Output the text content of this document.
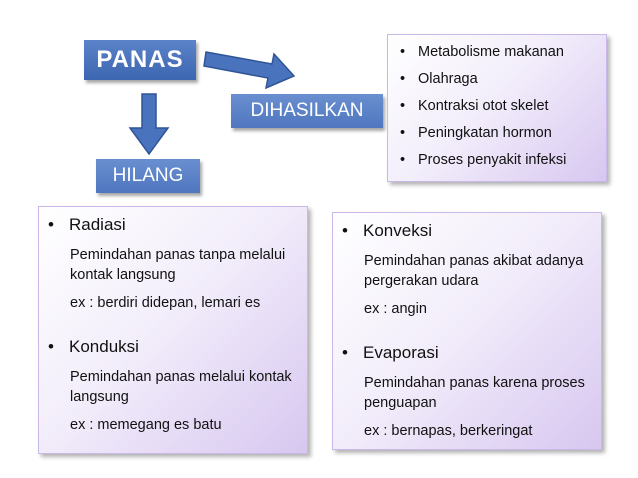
PANAS
DIHASILKAN
HILANG
• Metabolisme makanan
• Olahraga
• Kontraksi otot skelet
• Peningkatan hormon
• Proses penyakit infeksi
• Radiasi
Pemindahan panas tanpa melalui kontak langsung
ex : berdiri didepan, lemari es
• Konduksi
Pemindahan panas melalui kontak langsung
ex : memegang es batu
• Konveksi
Pemindahan panas akibat adanya pergerakan udara
ex : angin
• Evaporasi
Pemindahan panas karena proses penguapan
ex : bernapas, berkeringat
